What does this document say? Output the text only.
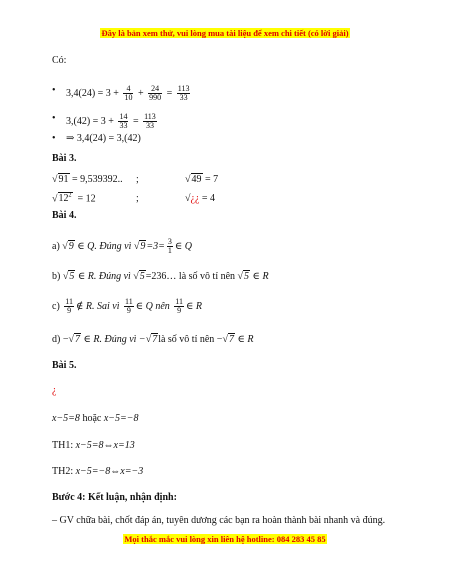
Đây là bản xem thử, vui lòng mua tài liệu để xem chi tiết (có lời giải)
Có:
$3,4(24) = 3 + \frac{4}{10} + \frac{24}{990} = \frac{113}{33}$
$3,(42) = 3 + \frac{14}{33} = \frac{113}{33}$
⇒ 3,4(24) = 3,(42)
Bài 3.
√91 = 9,539392.. ;	√49 = 7
$√12^2 = 12$	;	√¿¿ = 4
Bài 4.
a) √9 ∈ Q. Đúng vì $√9=3= \frac{3}{1}$ ∈ Q
b) √5 ∈ R. Đúng vì √5=236… là số vô tỉ nên √5 ∈ R
$c) \frac{11}{9}$ ∉ R. Sai vì $\frac{11}{9}$ ∈ Q nên $\frac{11}{9}$ ∈ R
d) −√7 ∈ R. Đúng vì −√7là số vô tỉ nên −√7 ∈ R
Bài 5.
¿
x−5=8 hoặc x−5=−8
TH1: x−5=8⇔x=13
TH2: x−5=−8⇔x=−3
Bước 4: Kết luận, nhận định:
– GV chữa bài, chốt đáp án, tuyên dương các bạn ra hoàn thành bài nhanh và đúng.
Mọi thắc mắc vui lòng xin liên hệ hotline: 084 283 45 85
